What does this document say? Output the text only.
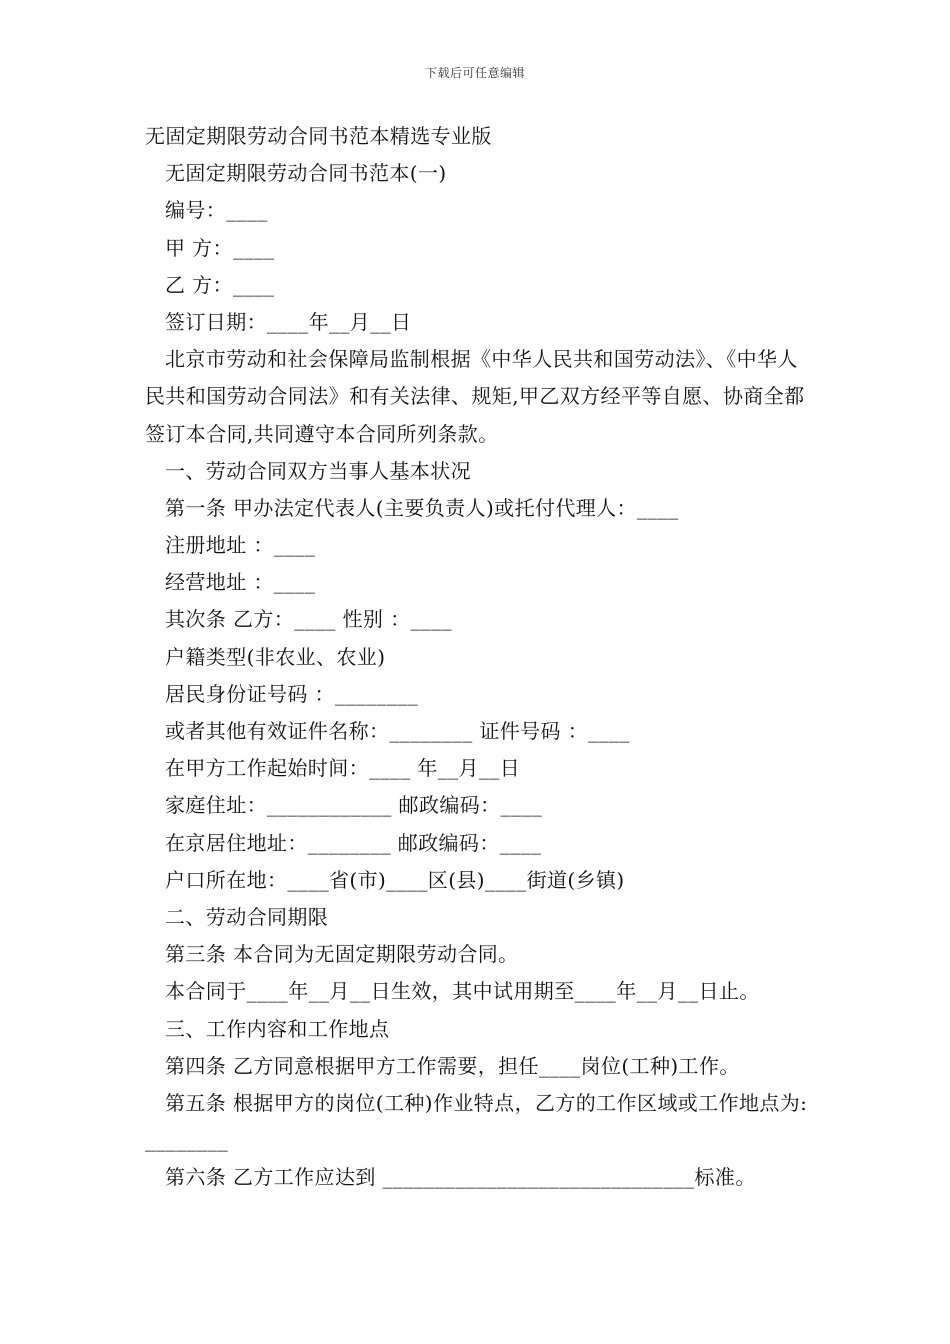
下载后可任意编辑
无固定期限劳动合同书范本精选专业版
无固定期限劳动合同书范本(一)
编号：____
甲 方：____
乙 方：____
签订日期：____年__月__日
北京市劳动和社会保障局监制根据《中华人民共和国劳动法》、《中华人民共和国劳动合同法》和有关法律、规矩,甲乙双方经平等自愿、协商全都签订本合同,共同遵守本合同所列条款。
一、劳动合同双方当事人基本状况
第一条 甲办法定代表人(主要负责人)或托付代理人：____
注册地址 ：____
经营地址 ：____
其次条 乙方：____ 性别 ：____
户籍类型(非农业、农业)
居民身份证号码 ：________
或者其他有效证件名称：________ 证件号码 ：____
在甲方工作起始时间：____ 年__月__日
家庭住址：____________ 邮政编码：____
在京居住地址：________ 邮政编码：____
户口所在地：____省(市)____区(县)____街道(乡镇)
二、劳动合同期限
第三条 本合同为无固定期限劳动合同。
本合同于____年__月__日生效，其中试用期至____年__月__日止。
三、工作内容和工作地点
第四条 乙方同意根据甲方工作需要，担任____岗位(工种)工作。
第五条 根据甲方的岗位(工种)作业特点，乙方的工作区域或工作地点为:________
第六条 乙方工作应达到 ______________________________标准。
